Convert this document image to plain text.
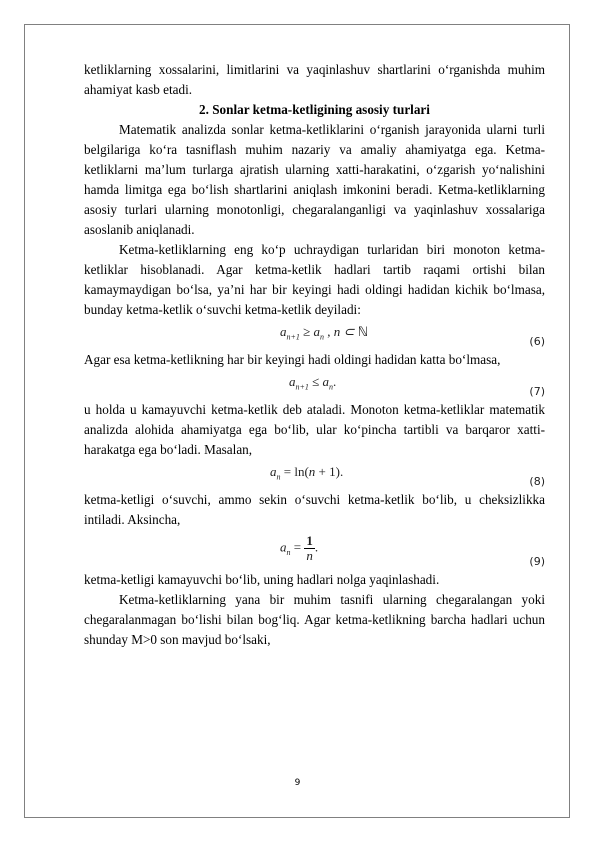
ketliklarning xossalarini, limitlarini va yaqinlashuv shartlarini o‘rganishda muhim ahamiyat kasb etadi.

2. Sonlar ketma-ketligining asosiy turlari

Matematik analizda sonlar ketma-ketliklarini o‘rganish jarayonida ularni turli belgilariga ko‘ra tasniflash muhim nazariy va amaliy ahamiyatga ega. Ketma-ketliklarni ma’lum turlarga ajratish ularning xatti-harakatini, o‘zgarish yo‘nalishini hamda limitga ega bo‘lish shartlarini aniqlash imkonini beradi. Ketma-ketliklarning asosiy turlari ularning monotonligi, chegaralanganligi va yaqinlashuv xossalariga asoslanib aniqlanadi.

Ketma-ketliklarning eng ko‘p uchraydigan turlaridan biri monoton ketma-ketliklar hisoblanadi. Agar ketma-ketlik hadlari tartib raqami ortishi bilan kamaymaydigan bo‘lsa, ya’ni har bir keyingi hadi oldingi hadidan kichik bo‘lmasa, bunday ketma-ketlik o‘suvchi ketma-ketlik deyiladi:

$a_{n+1} \ge a_n$ , n ⊂ ℕ
(6)

Agar esa ketma-ketlikning har bir keyingi hadi oldingi hadidan katta bo‘lmasa,

$a_{n+1} \le a_n$.
(7)

u holda u kamayuvchi ketma-ketlik deb ataladi. Monoton ketma-ketliklar matematik analizda alohida ahamiyatga ega bo‘lib, ular ko‘pincha tartibli va barqaror xatti-harakatga ega bo‘ladi. Masalan,

$a_n = \ln(n + 1)$.
(8)

ketma-ketligi o‘suvchi, ammo sekin o‘suvchi ketma-ketlik bo‘lib, u cheksizlikka intiladi. Aksincha,

$a_n = \frac{1}{n}$ .
(9)

ketma-ketligi kamayuvchi bo‘lib, uning hadlari nolga yaqinlashadi.

Ketma-ketliklarning yana bir muhim tasnifi ularning chegaralangan yoki chegaralanmagan bo‘lishi bilan bog‘liq. Agar ketma-ketlikning barcha hadlari uchun shunday M>0 son mavjud bo‘lsaki,

9
